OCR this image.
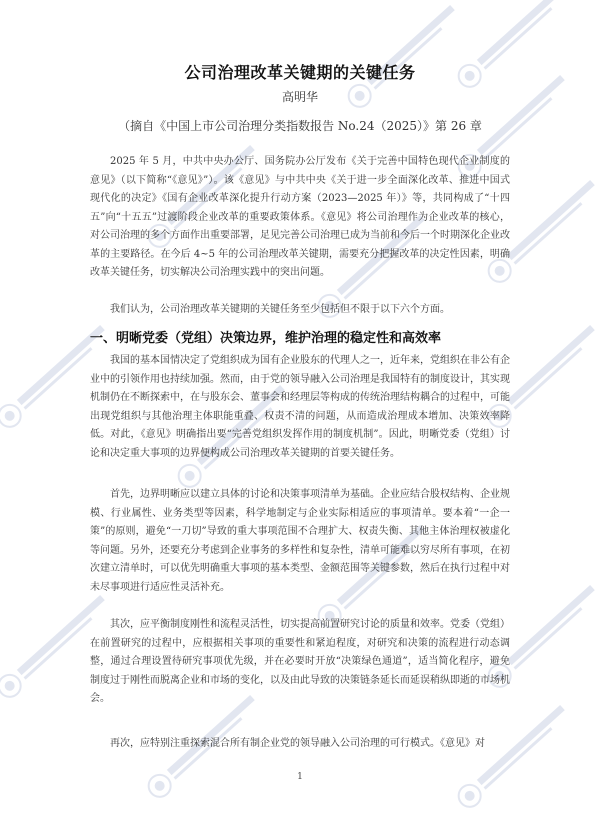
公司治理改革关键期的关键任务
高明华
（摘自《中国上市公司治理分类指数报告 No.24（2025）》第 26 章

2025 年 5 月，中共中央办公厅、国务院办公厅发布《关于完善中国特色现代企业制度的意见》（以下简称“《意见》”）。该《意见》与中共中央《关于进一步全面深化改革、推进中国式现代化的决定》《国有企业改革深化提升行动方案（2023—2025 年）》等，共同构成了“十四五”向“十五五”过渡阶段企业改革的重要政策体系。《意见》将公司治理作为企业改革的核心，对公司治理的多个方面作出重要部署，足见完善公司治理已成为当前和今后一个时期深化企业改革的主要路径。在今后 4~5 年的公司治理改革关键期，需要充分把握改革的决定性因素，明确改革关键任务，切实解决公司治理实践中的突出问题。

我们认为，公司治理改革关键期的关键任务至少包括但不限于以下六个方面。

一、明晰党委（党组）决策边界，维护治理的稳定性和高效率

我国的基本国情决定了党组织成为国有企业股东的代理人之一，近年来，党组织在非公有企业中的引领作用也持续加强。然而，由于党的领导融入公司治理是我国特有的制度设计，其实现机制仍在不断探索中，在与股东会、董事会和经理层等构成的传统治理结构耦合的过程中，可能出现党组织与其他治理主体职能重叠、权责不清的问题，从而造成治理成本增加、决策效率降低。对此，《意见》明确指出要“完善党组织发挥作用的制度机制”。因此，明晰党委（党组）讨论和决定重大事项的边界便构成公司治理改革关键期的首要关键任务。

首先，边界明晰应以建立具体的讨论和决策事项清单为基础。企业应结合股权结构、企业规模、行业属性、业务类型等因素，科学地制定与企业实际相适应的事项清单。要本着“一企一策”的原则，避免“一刀切”导致的重大事项范围不合理扩大、权责失衡、其他主体治理权被虚化等问题。另外，还要充分考虑到企业事务的多样性和复杂性，清单可能难以穷尽所有事项，在初次建立清单时，可以优先明确重大事项的基本类型、金额范围等关键参数，然后在执行过程中对未尽事项进行适应性灵活补充。

其次，应平衡制度刚性和流程灵活性，切实提高前置研究讨论的质量和效率。党委（党组）在前置研究的过程中，应根据相关事项的重要性和紧迫程度，对研究和决策的流程进行动态调整，通过合理设置待研究事项优先级，并在必要时开放“决策绿色通道”，适当简化程序，避免制度过于刚性而脱离企业和市场的变化，以及由此导致的决策链条延长而延误稍纵即逝的市场机会。

再次，应特别注重探索混合所有制企业党的领导融入公司治理的可行模式。《意见》对

1
